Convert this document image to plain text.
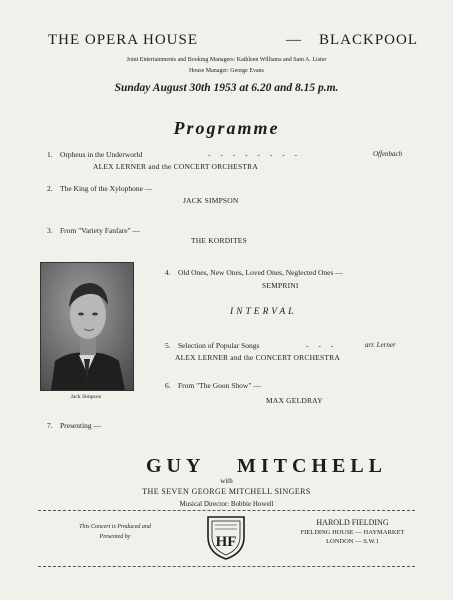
THE OPERA HOUSE	— BLACKPOOL
Joint Entertainments and Booking Managers: Kathleen Williams and Sam A. Lister
House Manager: George Evans
Sunday August 30th 1953 at 6.20 and 8.15 p.m.
Programme
1. Orpheus in the Underworld	- - - - - - - -	Offenbach
ALEX LERNER and the CONCERT ORCHESTRA
2. The King of the Xylophone —
JACK SIMPSON
3. From "Variety Fanfare" —
THE KORDITES
Jack Simpson
4. Old Ones, New Ones, Loved Ones, Neglected Ones —
SEMPRINI
INTERVAL
5. Selection of Popular Songs	- - -	arr. Lerner
ALEX LERNER and the CONCERT ORCHESTRA
6. From "The Goon Show" —
MAX GELDRAY
7. Presenting —
GUY MITCHELL
with
THE SEVEN GEORGE MITCHELL SINGERS
Musical Director: Bobbie Howell
This Concert is Produced and
Presented by	HF
HAROLD FIELDING

FIELDING HOUSE — HAYMARKET
LONDON — S.W.1
